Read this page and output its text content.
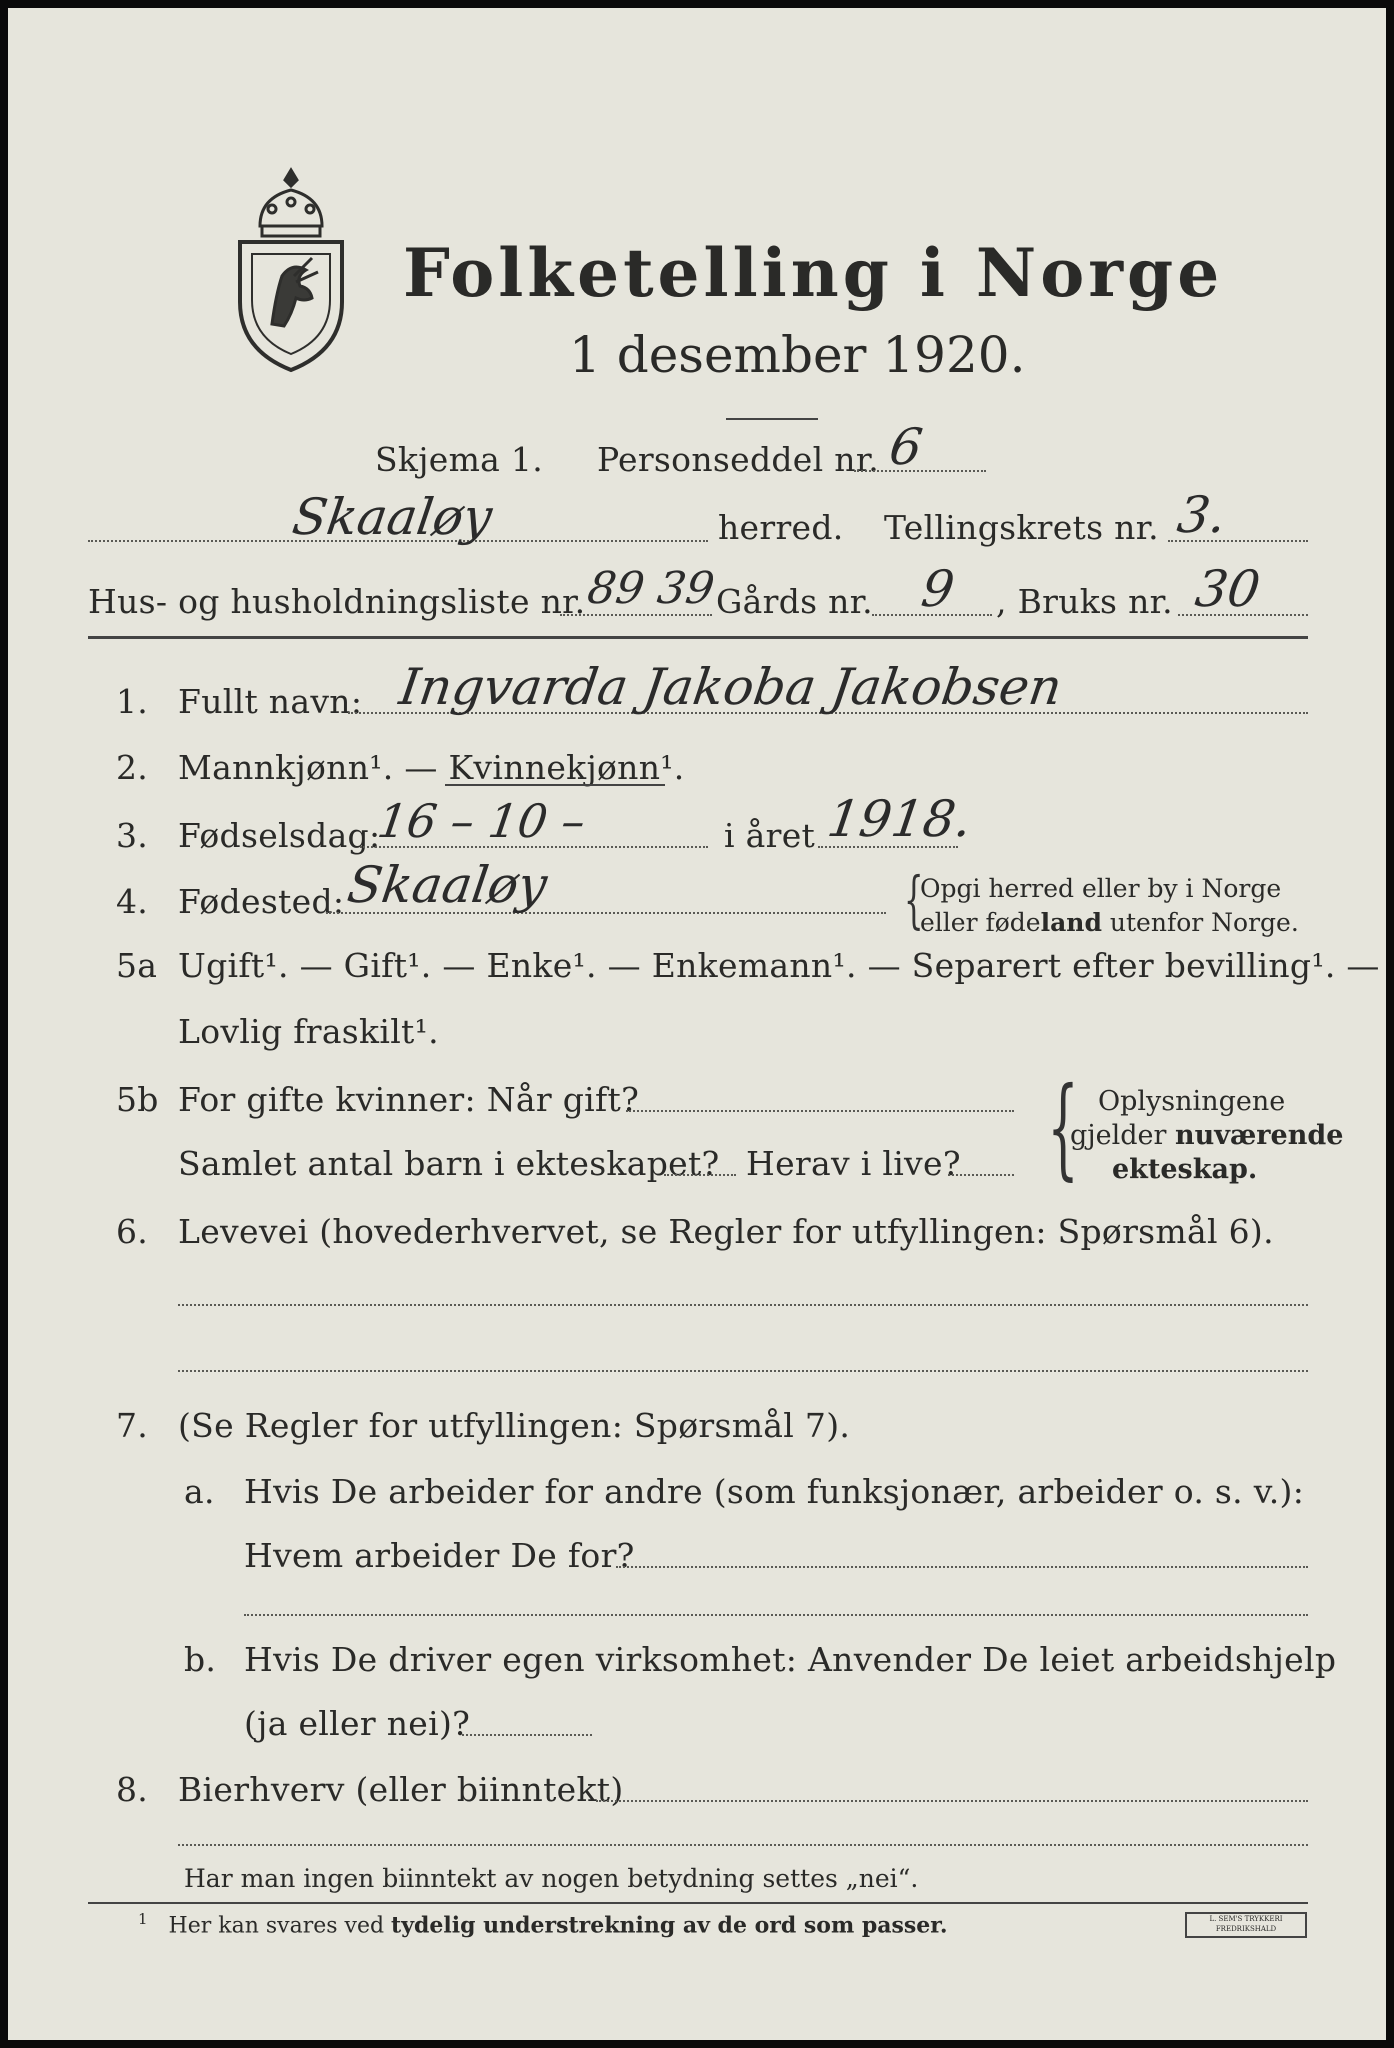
Folketelling i Norge
1 desember 1920.
Skjema 1. Personseddel nr. 6
Skaaløy	herred. Tellingskrets nr. 3.
Hus- og husholdningsliste nr. 89 39
Gårds nr. 9 , Bruks nr. 30
1. Fullt navn: Ingvarda Jakoba Jakobsen
2. Mannkjønn¹. — Kvinnekjønn¹.
3. Fødselsdag:
16 – 10 –	i året 1918.
4. Fødested: Skaaløy	{
Opgi herred eller by i Norge
eller fødeland utenfor Norge.
5a Ugift¹. — Gift¹. — Enke¹. — Enkemann¹. — Separert efter bevilling¹. —
Lovlig fraskilt¹.
5b For gifte kvinner: Når gift?
Samlet antal barn i ekteskapet? Herav i live? { Oplysningene
gjelder nuværende
ekteskap.
6. Levevei (hovederhvervet, se Regler for utfyllingen: Spørsmål 6).
7. (Se Regler for utfyllingen: Spørsmål 7).
a. Hvis De arbeider for andre (som funksjonær, arbeider o. s. v.):
Hvem arbeider De for?
b. Hvis De driver egen virksomhet: Anvender De leiet arbeidshjelp
(ja eller nei)?
8. Bierhverv (eller biinntekt)
Har man ingen biinntekt av nogen betydning settes „nei“.
$^1$ Her kan svares ved tydelig understrekning av de ord som passer.	L. SEM'S TRYKKERI FREDRIKSHALD
